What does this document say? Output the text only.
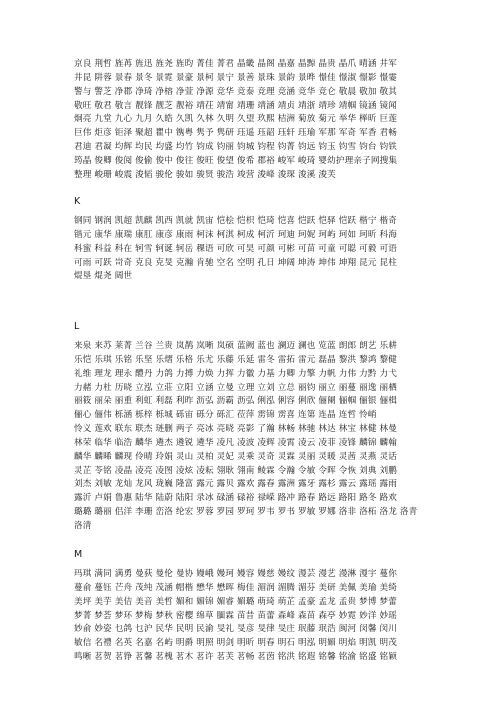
京良 荆哲 旌苒 旌迅 旌尧 旌昀 菁佳 菁君 晶畿 晶阁 晶嘉 晶黥 晶贵 晶爪 晴涵 井军
井昆 阱蓉 景春 景冬 景霓 景豪 景柯 景宁 景善 景珠 景韵 景晔 憬佳 憬淑 憬影 憬霎
警与 警芝 净郡 净琦 净榕 净萱 净源 竞华 竞泰 竞理 竞涵 竞华 竞仑 敬晨 敬加 敬其
敬旺 敬君 敬言 靓锋 靓芝 靓裕 靖茌 靖甯 靖珊 靖涵 靖贞 靖浙 靖珍 靖帼 镜涵 镜闻
炯亮 九堂 九心 九月 久皓 久凯 久林 久明 久望 玖熙 桔洲 菊放 菊元 举华 榉昕 巨莲
巨伟 炬彦 钜泽 聚超 瞿中 镌粤 隽予 隽研 珏遥 珏韶 珏轩 珏瑜 军那 军奇 军香 君畅
君迪 君凝 均辉 均民 均盛 均竹 钧成 钧丽 钧城 钧程 钧菁 钧远 钧玉 钧雪 钧台 钧铁
筠晶 俊卿 俊阅 俊偷 俊中 俊往 俊旺 俊望 俊希 郡裕 峻军 峻琦 婴幼护理亲子网搜集
整理 峻珊 峻震 浚韬 骏伦 骏如 骏贤 骏浩 竣营 浚峰 浚琛 浚溪 浚芙
K
钢同 钢润 凯超 凯麒 凯西 凯就 凯宙 恺桧 恺枳 恺琦 恺喜 恺跃 恺驿 恺跃 楷宁 楷奇
锴元 康华 康瑞 康肛 康彦 康雨 柯沫 柯淇 柯成 柯沂 珂迪 珂妮 珂屿 珂如 珂昕 科海
科蜜 科益 科在 轲雪 轲诞 轲岳 稞语 可欣 可昊 可颜 可彬 可苗 可童 可聪 可毅 可语
可雨 可跃 岢奇 克良 克旻 克瀚 肯驰 空名 空明 孔日 坤阔 坤涛 坤伟 坤翔 昆元 昆柱
焜垦 焜尧 阔世
L
来泉 来苏 莱菁 兰谷 兰贵 岚鹊 岚晰 岚硕 蓝阙 蓝也 澜迈 澜也 览蓝 朗郎 朗艺 乐耕
乐恺 乐琪 乐铭 乐坚 乐熠 乐格 乐尤 乐藤 乐延 雷冬 雷拓 雷元 磊晶 黎洪 黎鸿 黎健
礼维 理龙 理永 醴丹 力鸽 力搏 力焕 力挥 力徽 力基 力卿 力擎 力帆 力伟 力黔 力弋
力赭 力杜 历晓 立泓 立莊 立阳 立涵 立曼 立理 立刘 立总 丽钧 丽立 丽蔓 丽逸 丽栖
丽筱 丽朵 丽重 利虹 利磊 利昨 沥弘 沥霸 沥弘 俐泓 俐容 俐欣 俪阑 俪帼 俪银 俪楫
俪心 俪伟 栎涵 栎梓 栎城 砾宙 砾分 砾汇 莅萍 雳锦 雳喜 连第 连晶 连哲 怜峭
怜义 莲欢 联东 联杰 琏删 两子 亮冰 亮晓 亮影 了瀚 林畅 林驰 林达 林宝 林健 林曼
林荣 临华 临浩 麟华 遴杰 遴锐 遴华 凌凡 凌波 凌辉 凌霄 凌云 凌菲 凌锋 麟锦 麟翰
麟华 麟晞 麟现 伶晴 玲娟 灵山 灵柏 灵妃 灵乘 灵奇 灵霖 灵丽 灵暖 灵茜 灵燕 灵话
灵芷 苓铭 凌晶 凌亮 凌图 凌炫 凌耘 翎耿 翎南 鲮霖 令瀚 令敏 令晖 令恢 刘典 刘鹏
刘杰 刘敏 龙灿 龙风 珑巍 隆富 露元 露贝 露欢 露春 露洲 露牙 露杉 露云 露瑶 露雨
露沂 卢娟 鲁惠 陆华 陆蔚 陆阳 录冰 碌涵 碌裕 禄嵘 路冲 路春 路远 路阳 路冬 路欢
璐璐 璐丽 侣洋 李珊 峦洛 纶宏 罗蓉 罗园 罗珂 罗韦 罗书 罗敏 罗娜 洛非 洛柘 洛龙 洛青
洛清
M
玛琪 满同 满勇 曼荻 曼伦 曼协 嫚峨 嫚珂 嫚容 嫚慈 嫚纹 漫芸 漫艺 漫淋 漫宇 蔓你
蔓俞 蔓钰 芒舟 茂纯 茂涵 帽楷 懋华 懋晖 梅佳 湄润 湄腾 湄芬 美研 美佩 美瑜 美绮
美坪 美芋 美佶 美音 美哲 媚和 媚锦 媚睿 媚璐 萌琦 萌芷 孟豪 孟龙 孟贵 梦博 梦蕾
梦菁 梦荟 梦环 梦梅 梦秋 密樱 绵草 腼霖 苗昔 苗蕾 森峰 森苗 森亭 妙霓 妙洋 妙瑶
妙俞 妙姿 乜鸽 乜沪 民华 民明 民渝 旻礼 旻彦 旻律 旻庄 珉藤 珉浩 闽河 闵馨 闵川
敏信 名禮 名英 名嘉 名屿 明爵 明照 明剑 明昕 明春 明石 明泓 明媚 明焰 明凯 明茂
鸣晰 茗贺 茗铮 茗馨 茗槐 茗木 茗许 茗芙 茗畅 茗茵 铭洪 铭遐 铭馨 铭渝 铭盛 铭颖
